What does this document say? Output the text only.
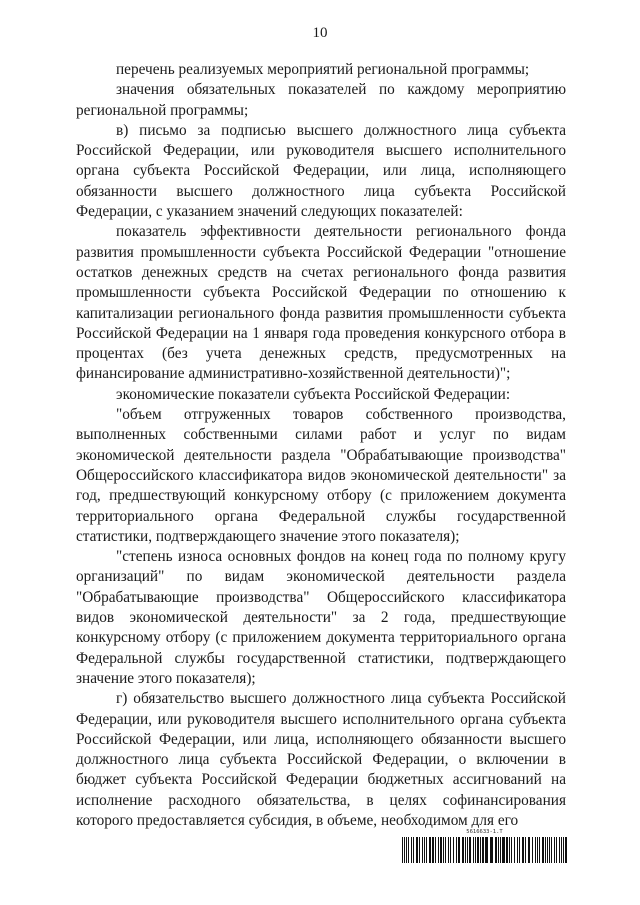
10

перечень реализуемых мероприятий региональной программы;

значения обязательных показателей по каждому мероприятию региональной программы;

в) письмо за подписью высшего должностного лица субъекта Российской Федерации, или руководителя высшего исполнительного органа субъекта Российской Федерации, или лица, исполняющего обязанности высшего должностного лица субъекта Российской Федерации, с указанием значений следующих показателей:

показатель эффективности деятельности регионального фонда развития промышленности субъекта Российской Федерации "отношение остатков денежных средств на счетах регионального фонда развития промышленности субъекта Российской Федерации по отношению к капитализации регионального фонда развития промышленности субъекта Российской Федерации на 1 января года проведения конкурсного отбора в процентах (без учета денежных средств, предусмотренных на финансирование административно-хозяйственной деятельности)";

экономические показатели субъекта Российской Федерации:

"объем отгруженных товаров собственного производства, выполненных собственными силами работ и услуг по видам экономической деятельности раздела "Обрабатывающие производства" Общероссийского классификатора видов экономической деятельности" за год, предшествующий конкурсному отбору (с приложением документа территориального органа Федеральной службы государственной статистики, подтверждающего значение этого показателя);

"степень износа основных фондов на конец года по полному кругу организаций" по видам экономической деятельности раздела "Обрабатывающие производства" Общероссийского классификатора видов экономической деятельности" за 2 года, предшествующие конкурсному отбору (с приложением документа территориального органа Федеральной службы государственной статистики, подтверждающего значение этого показателя);

г) обязательство высшего должностного лица субъекта Российской Федерации, или руководителя высшего исполнительного органа субъекта Российской Федерации, или лица, исполняющего обязанности высшего должностного лица субъекта Российской Федерации, о включении в бюджет субъекта Российской Федерации бюджетных ассигнований на исполнение расходного обязательства, в целях софинансирования которого предоставляется субсидия, в объеме, необходимом для его

5616633-1.Т
